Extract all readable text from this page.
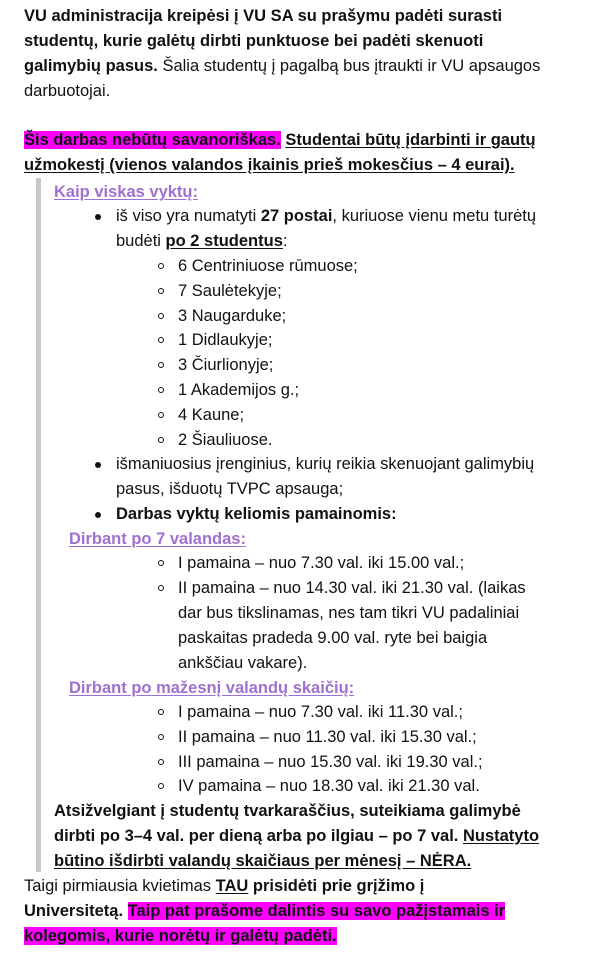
VU administracija kreipėsi į VU SA su prašymu padėti surasti
studentų, kurie galėtų dirbti punktuose bei padėti skenuoti
galimybių pasus. Šalia studentų į pagalbą bus įtraukti ir VU apsaugos
darbuotojai.
Šis darbas nebūtų savanoriškas. Studentai būtų įdarbinti ir gautų
užmokestį (vienos valandos įkainis prieš mokesčius – 4 eurai).
Kaip viskas vyktų:
iš viso yra numatyti 27 postai, kuriuose vienu metu turėtų
budėti po 2 studentus:
6 Centriniuose rūmuose;
7 Saulėtekyje;
3 Naugarduke;
1 Didlaukyje;
3 Čiurlionyje;
1 Akademijos g.;
4 Kaune;
2 Šiauliuose.
išmaniuosius įrenginius, kurių reikia skenuojant galimybių
pasus, išduotų TVPC apsauga;
Darbas vyktų keliomis pamainomis:
Dirbant po 7 valandas:
I pamaina – nuo 7.30 val. iki 15.00 val.;
II pamaina – nuo 14.30 val. iki 21.30 val. (laikas
dar bus tikslinamas, nes tam tikri VU padaliniai
paskaitas pradeda 9.00 val. ryte bei baigia
ankščiau vakare).
Dirbant po mažesnį valandų skaičių:
I pamaina – nuo 7.30 val. iki 11.30 val.;
II pamaina – nuo 11.30 val. iki 15.30 val.;
III pamaina – nuo 15.30 val. iki 19.30 val.;
IV pamaina – nuo 18.30 val. iki 21.30 val.
Atsižvelgiant į studentų tvarkaraščius, suteikiama galimybė
dirbti po 3–4 val. per dieną arba po ilgiau – po 7 val. Nustatyto
būtino išdirbti valandų skaičiaus per mėnesį – NĖRA.
Taigi pirmiausia kvietimas TAU prisidėti prie grįžimo į
Universitetą. Taip pat prašome dalintis su savo pažįstamais ir
kolegomis, kurie norėtų ir galėtų padėti.
